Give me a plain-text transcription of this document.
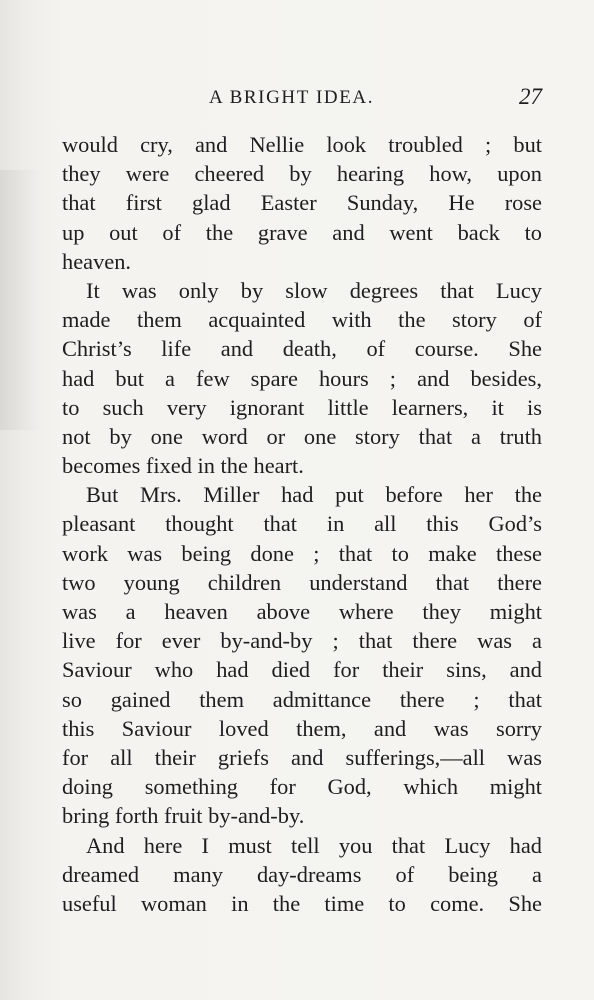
A BRIGHT IDEA.	27

would cry, and Nellie look troubled ; but
they were cheered by hearing how, upon
that first glad Easter Sunday, He rose
up out of the grave and went back to
heaven.

It was only by slow degrees that Lucy
made them acquainted with the story of
Christ’s life and death, of course. She
had but a few spare hours ; and besides,
to such very ignorant little learners, it is
not by one word or one story that a truth
becomes fixed in the heart.

But Mrs. Miller had put before her the
pleasant thought that in all this God’s
work was being done ; that to make these
two young children understand that there
was a heaven above where they might
live for ever by-and-by ; that there was a
Saviour who had died for their sins, and
so gained them admittance there ; that
this Saviour loved them, and was sorry
for all their griefs and sufferings,—all was
doing something for God, which might
bring forth fruit by-and-by.

And here I must tell you that Lucy had
dreamed many day-dreams of being a
useful woman in the time to come. She
